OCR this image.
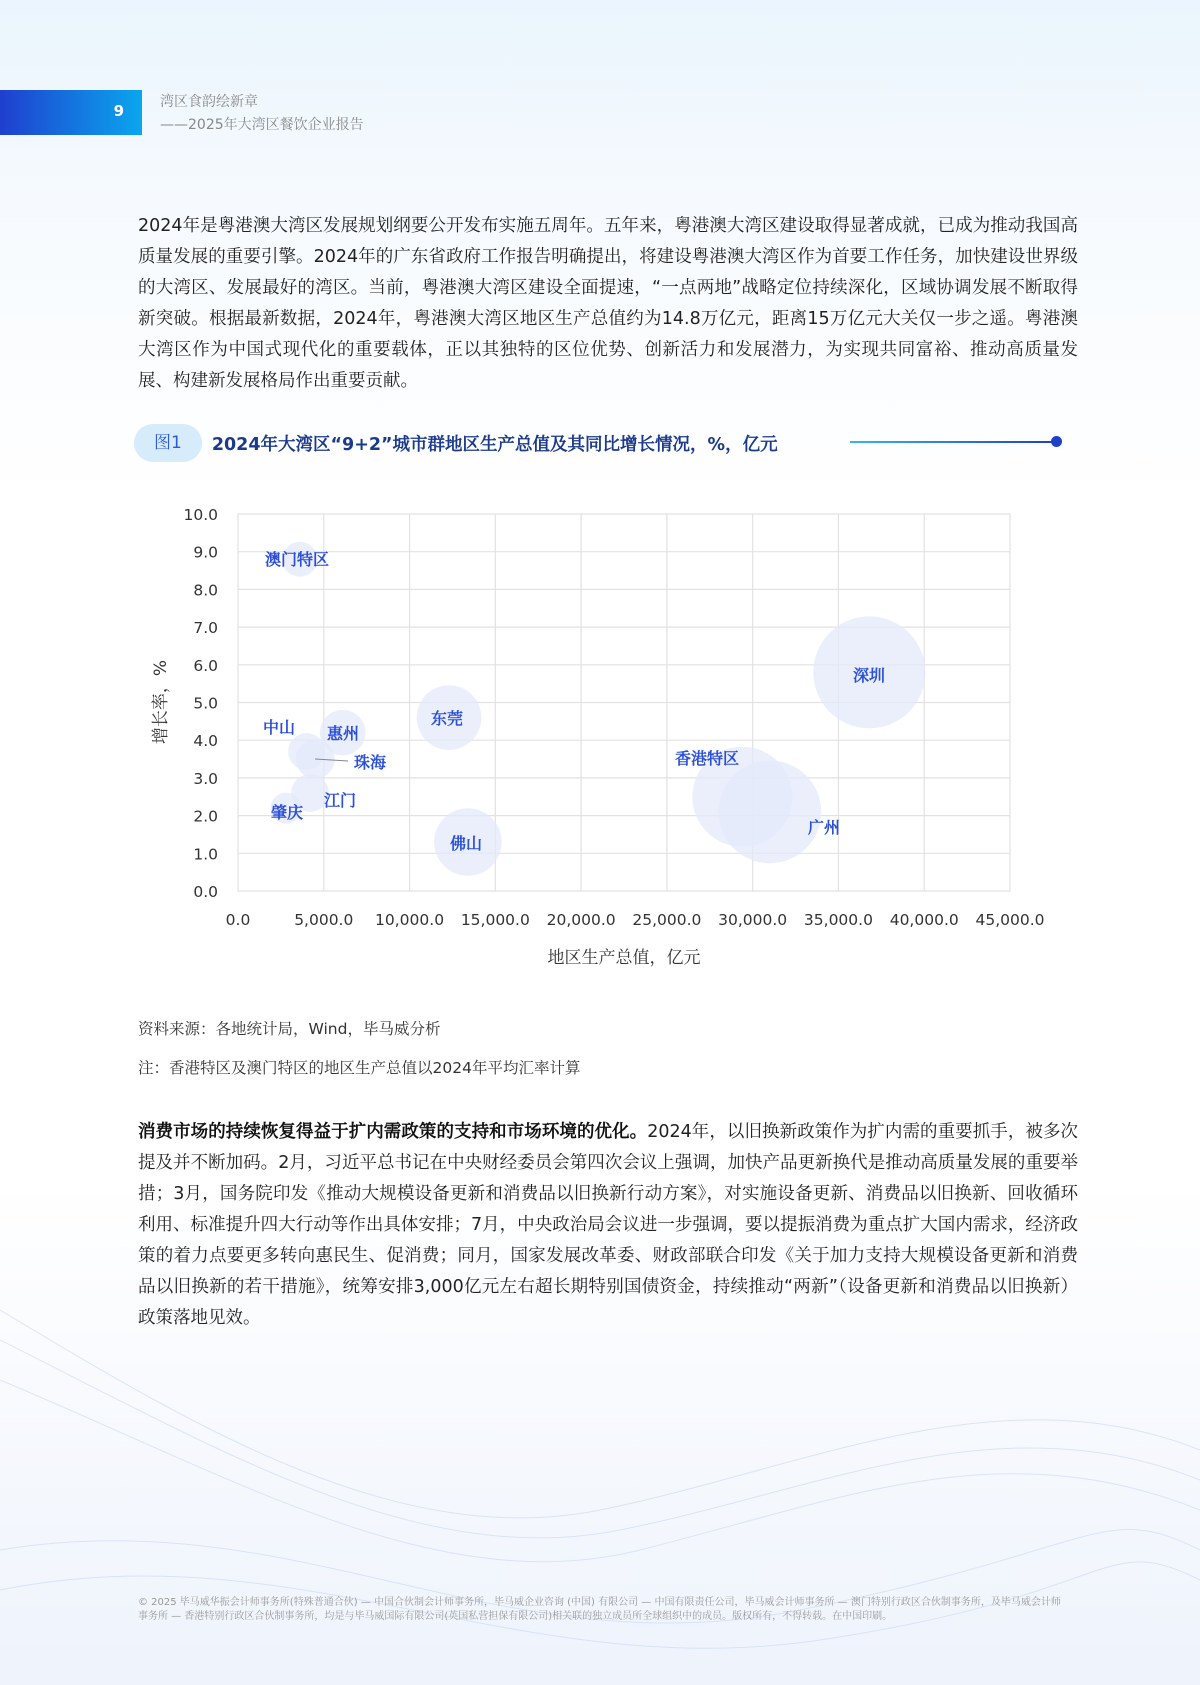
9	湾区食韵绘新章
——2025年大湾区餐饮企业报告
2024年是粤港澳大湾区发展规划纲要公开发布实施五周年。五年来，粤港澳大湾区建设取得显著成就，已成为推动我国高质量发展的重要引擎。2024年的广东省政府工作报告明确提出，将建设粤港澳大湾区作为首要工作任务，加快建设世界级的大湾区、发展最好的湾区。当前，粤港澳大湾区建设全面提速，“一点两地”战略定位持续深化，区域协调发展不断取得新突破。根据最新数据，2024年，粤港澳大湾区地区生产总值约为14.8万亿元，距离15万亿元大关仅一步之遥。粤港澳大湾区作为中国式现代化的重要载体，正以其独特的区位优势、创新活力和发展潜力，为实现共同富裕、推动高质量发展、构建新发展格局作出重要贡献。
图1	2024年大湾区“9+2”城市群地区生产总值及其同比增长情况，%，亿元
0.0	5,000.0 10,000.0 15,000.0 20,000.0 25,000.0 30,000.0 35,000.0 40,000.0 45,000.0
0.0
1.0
2.0
3.0
4.0
5.0
6.0
7.0
8.0
9.0
10.0
地区生产总值，亿元
增长率，%
澳门特区
中山 惠州
珠海
东莞
江门
肇庆
佛山
深圳
香港特区
广州
资料来源：各地统计局，Wind，毕马威分析
注：香港特区及澳门特区的地区生产总值以2024年平均汇率计算
消费市场的持续恢复得益于扩内需政策的支持和市场环境的优化。2024年，以旧换新政策作为扩内需的重要抓手，被多次提及并不断加码。2月，习近平总书记在中央财经委员会第四次会议上强调，加快产品更新换代是推动高质量发展的重要举措；3月，国务院印发《推动大规模设备更新和消费品以旧换新行动方案》，对实施设备更新、消费品以旧换新、回收循环利用、标准提升四大行动等作出具体安排；7月，中央政治局会议进一步强调，要以提振消费为重点扩大国内需求，经济政策的着力点要更多转向惠民生、促消费；同月，国家发展改革委、财政部联合印发《关于加力支持大规模设备更新和消费品以旧换新的若干措施》，统筹安排3,000亿元左右超长期特别国债资金，持续推动“两新”（设备更新和消费品以旧换新）政策落地见效。
© 2025 毕马威华振会计师事务所(特殊普通合伙) — 中国合伙制会计师事务所，毕马威企业咨询 (中国) 有限公司 — 中国有限责任公司，毕马威会计师事务所 — 澳门特别行政区合伙制事务所，及毕马威会计师事务所 — 香港特别行政区合伙制事务所，均是与毕马威国际有限公司(英国私营担保有限公司)相关联的独立成员所全球组织中的成员。版权所有，不得转载。在中国印刷。
